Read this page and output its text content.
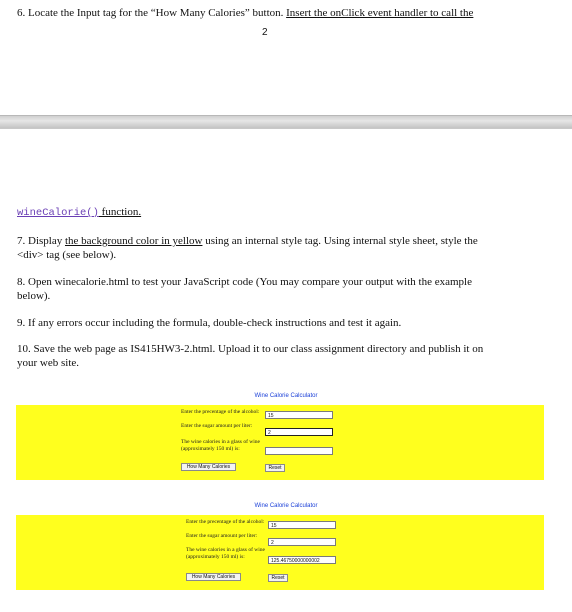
6. Locate the Input tag for the “How Many Calories” button. Insert the onClick event handler to call the
2
wineCalorie() function.
7. Display the background color in yellow using an internal style tag. Using internal style sheet, style the
<div> tag (see below).
8. Open winecalorie.html to test your JavaScript code (You may compare your output with the example
below).
9. If any errors occur including the formula, double-check instructions and test it again.
10. Save the web page as IS415HW3-2.html. Upload it to our class assignment directory and publish it on
your web site.
Wine Calorie Calculator
Enter the precentage of the alcohol:
15
Enter the sugar amount per liter:
2
The wine calories in a glass of wine (approximately 150 ml) is:
How Many Calories	Reset
Wine Calorie Calculator
Enter the precentage of the alcohol:
15
Enter the sugar amount per liter:
2
The wine calories in a glass of wine (approximately 150 ml) is:
125.46750000000002
How Many Calories	Reset
